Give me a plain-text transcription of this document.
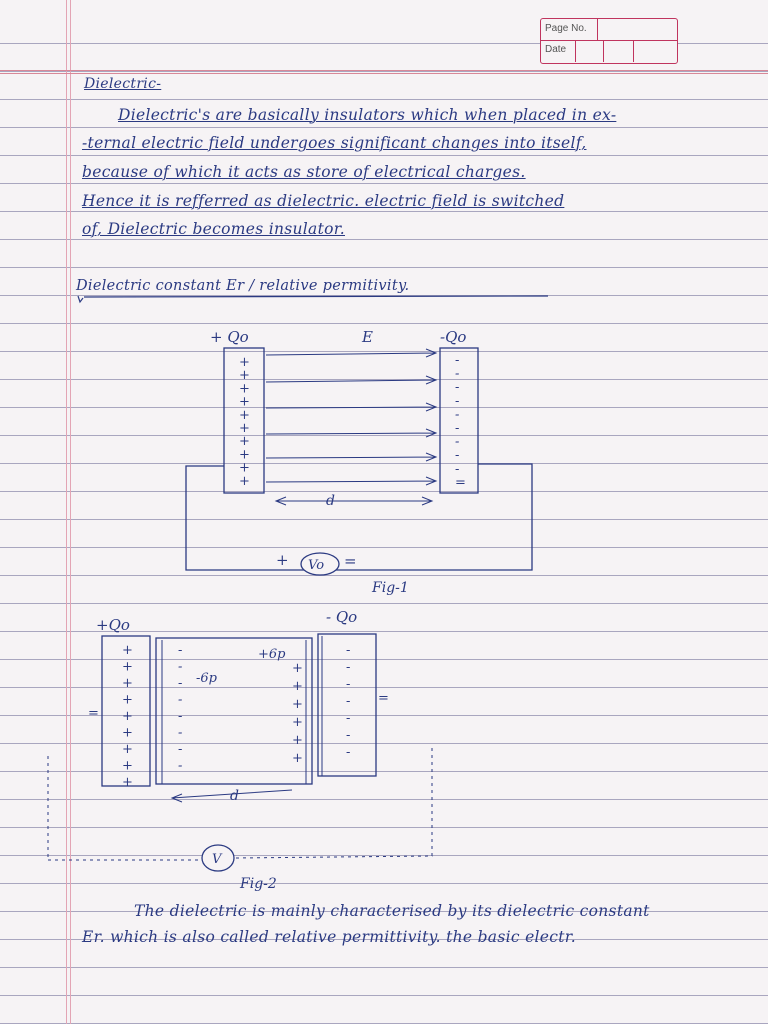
Page No.
Date
Dielectric-
Dielectric's are basically insulators which when placed in ex-
-ternal electric field undergoes significant changes into itself,
because of which it acts as store of electrical charges.
Hence it is refferred as dielectric. electric field is switched
of, Dielectric becomes insulator.
Dielectric constant Er / relative permitivity.
+ Qo	E	-Qo
+
+
+
+
+
+
+
+
+
+
-
-
-
-
-
-
-
-
-
=
d
+ Vo =
Fig-1
+Qo	- Qo
+
+
+
+
+
+
+
+
+
-
-
-
-
-
-
-
-
+
+
+
+
+
+
-
-
-
-
-
-
-
+6p
-6p
=
=
d
V
Fig-2
The dielectric is mainly characterised by its dielectric constant
Er. which is also called relative permittivity. the basic electr.
